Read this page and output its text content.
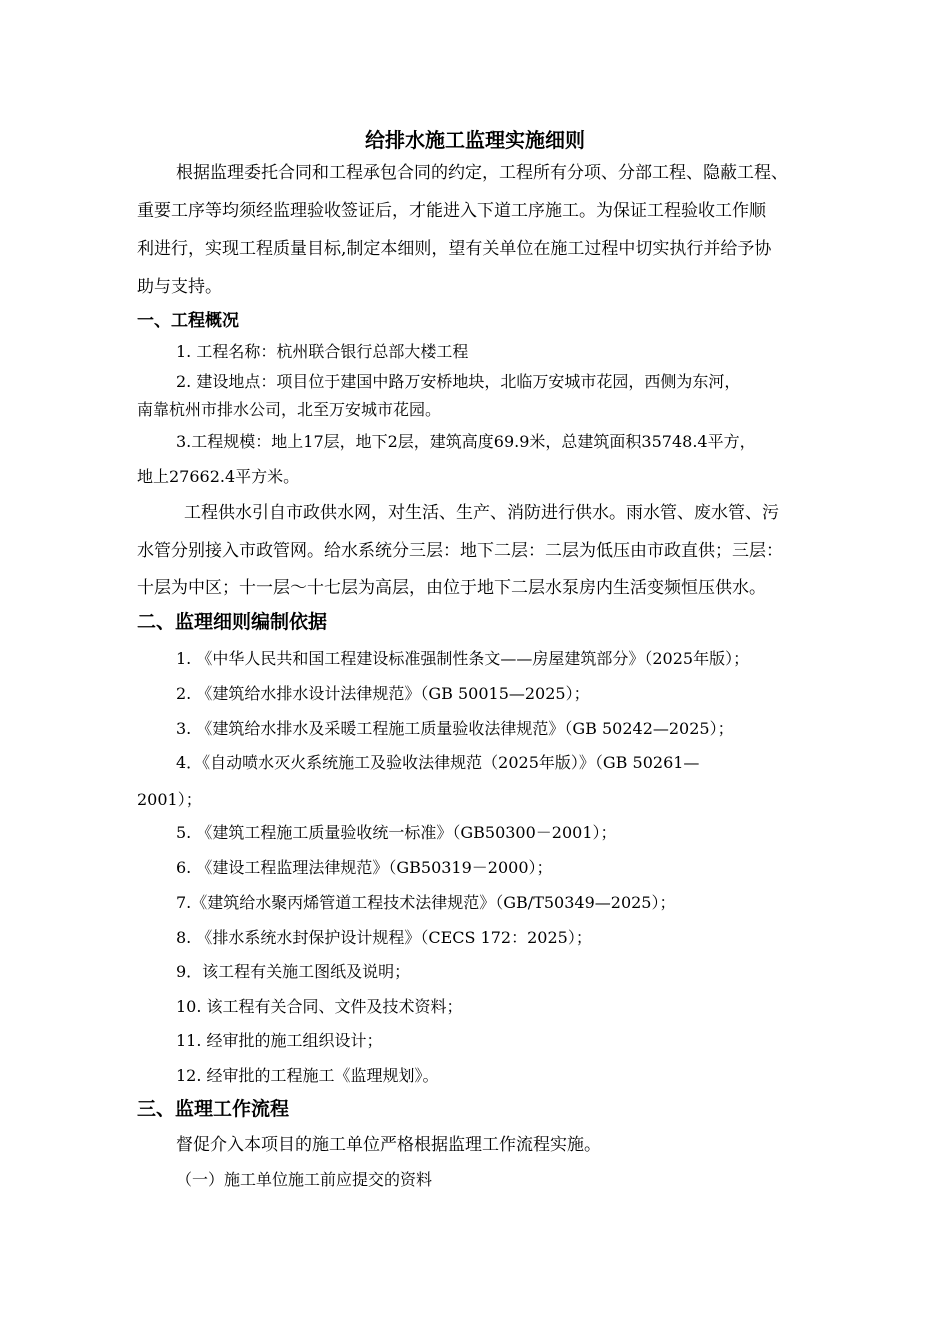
给排水施工监理实施细则
根据监理委托合同和工程承包合同的约定，工程所有分项、分部工程、隐蔽工程、
重要工序等均须经监理验收签证后，才能进入下道工序施工。为保证工程验收工作顺
利进行，实现工程质量目标,制定本细则，望有关单位在施工过程中切实执行并给予协
助与支持。
一、工程概况
1. 工程名称：杭州联合银行总部大楼工程
2. 建设地点：项目位于建国中路万安桥地块，北临万安城市花园，西侧为东河，
南靠杭州市排水公司，北至万安城市花园。
3.工程规模：地上17层，地下2层，建筑高度69.9米，总建筑面积35748.4平方，
地上27662.4平方米。
工程供水引自市政供水网，对生活、生产、消防进行供水。雨水管、废水管、污
水管分别接入市政管网。给水系统分三层：地下二层：二层为低压由市政直供；三层：
十层为中区；十一层～十七层为高层，由位于地下二层水泵房内生活变频恒压供水。
二、监理细则编制依据
1. 《中华人民共和国工程建设标准强制性条文——房屋建筑部分》（2025年版）；
2. 《建筑给水排水设计法律规范》（GB 50015—2025）；
3. 《建筑给水排水及采暖工程施工质量验收法律规范》（GB 50242—2025）；
4．《自动喷水灭火系统施工及验收法律规范（2025年版）》（GB 50261—
2001）；
5. 《建筑工程施工质量验收统一标准》（GB50300－2001）；
6. 《建设工程监理法律规范》（GB50319－2000）；
7.《建筑给水聚丙烯管道工程技术法律规范》（GB/T50349—2025）；
8. 《排水系统水封保护设计规程》（CECS 172：2025）；
9．该工程有关施工图纸及说明；
10. 该工程有关合同、文件及技术资料；
11. 经审批的施工组织设计；
12. 经审批的工程施工《监理规划》。
三、监理工作流程
督促介入本项目的施工单位严格根据监理工作流程实施。
（一）施工单位施工前应提交的资料
